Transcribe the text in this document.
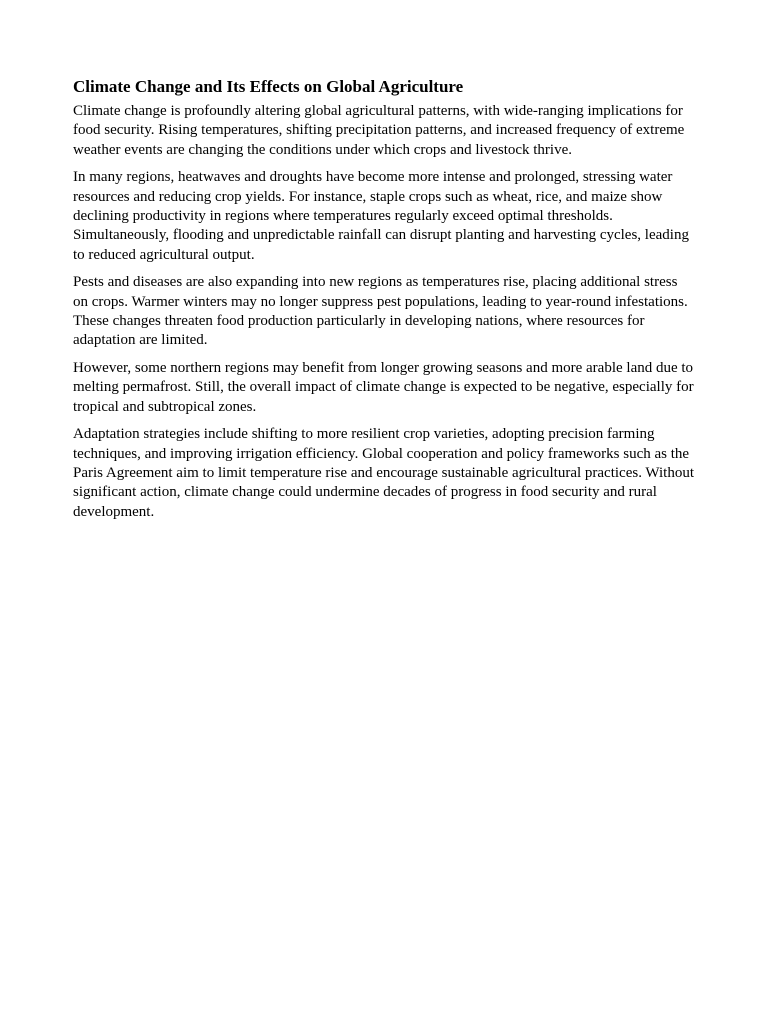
Climate Change and Its Effects on Global Agriculture

Climate change is profoundly altering global agricultural patterns, with wide-ranging implications for food security. Rising temperatures, shifting precipitation patterns, and increased frequency of extreme weather events are changing the conditions under which crops and livestock thrive.

In many regions, heatwaves and droughts have become more intense and prolonged, stressing water resources and reducing crop yields. For instance, staple crops such as wheat, rice, and maize show declining productivity in regions where temperatures regularly exceed optimal thresholds. Simultaneously, flooding and unpredictable rainfall can disrupt planting and harvesting cycles, leading to reduced agricultural output.

Pests and diseases are also expanding into new regions as temperatures rise, placing additional stress on crops. Warmer winters may no longer suppress pest populations, leading to year-round infestations. These changes threaten food production particularly in developing nations, where resources for adaptation are limited.

However, some northern regions may benefit from longer growing seasons and more arable land due to melting permafrost. Still, the overall impact of climate change is expected to be negative, especially for tropical and subtropical zones.

Adaptation strategies include shifting to more resilient crop varieties, adopting precision farming techniques, and improving irrigation efficiency. Global cooperation and policy frameworks such as the Paris Agreement aim to limit temperature rise and encourage sustainable agricultural practices. Without significant action, climate change could undermine decades of progress in food security and rural development.
